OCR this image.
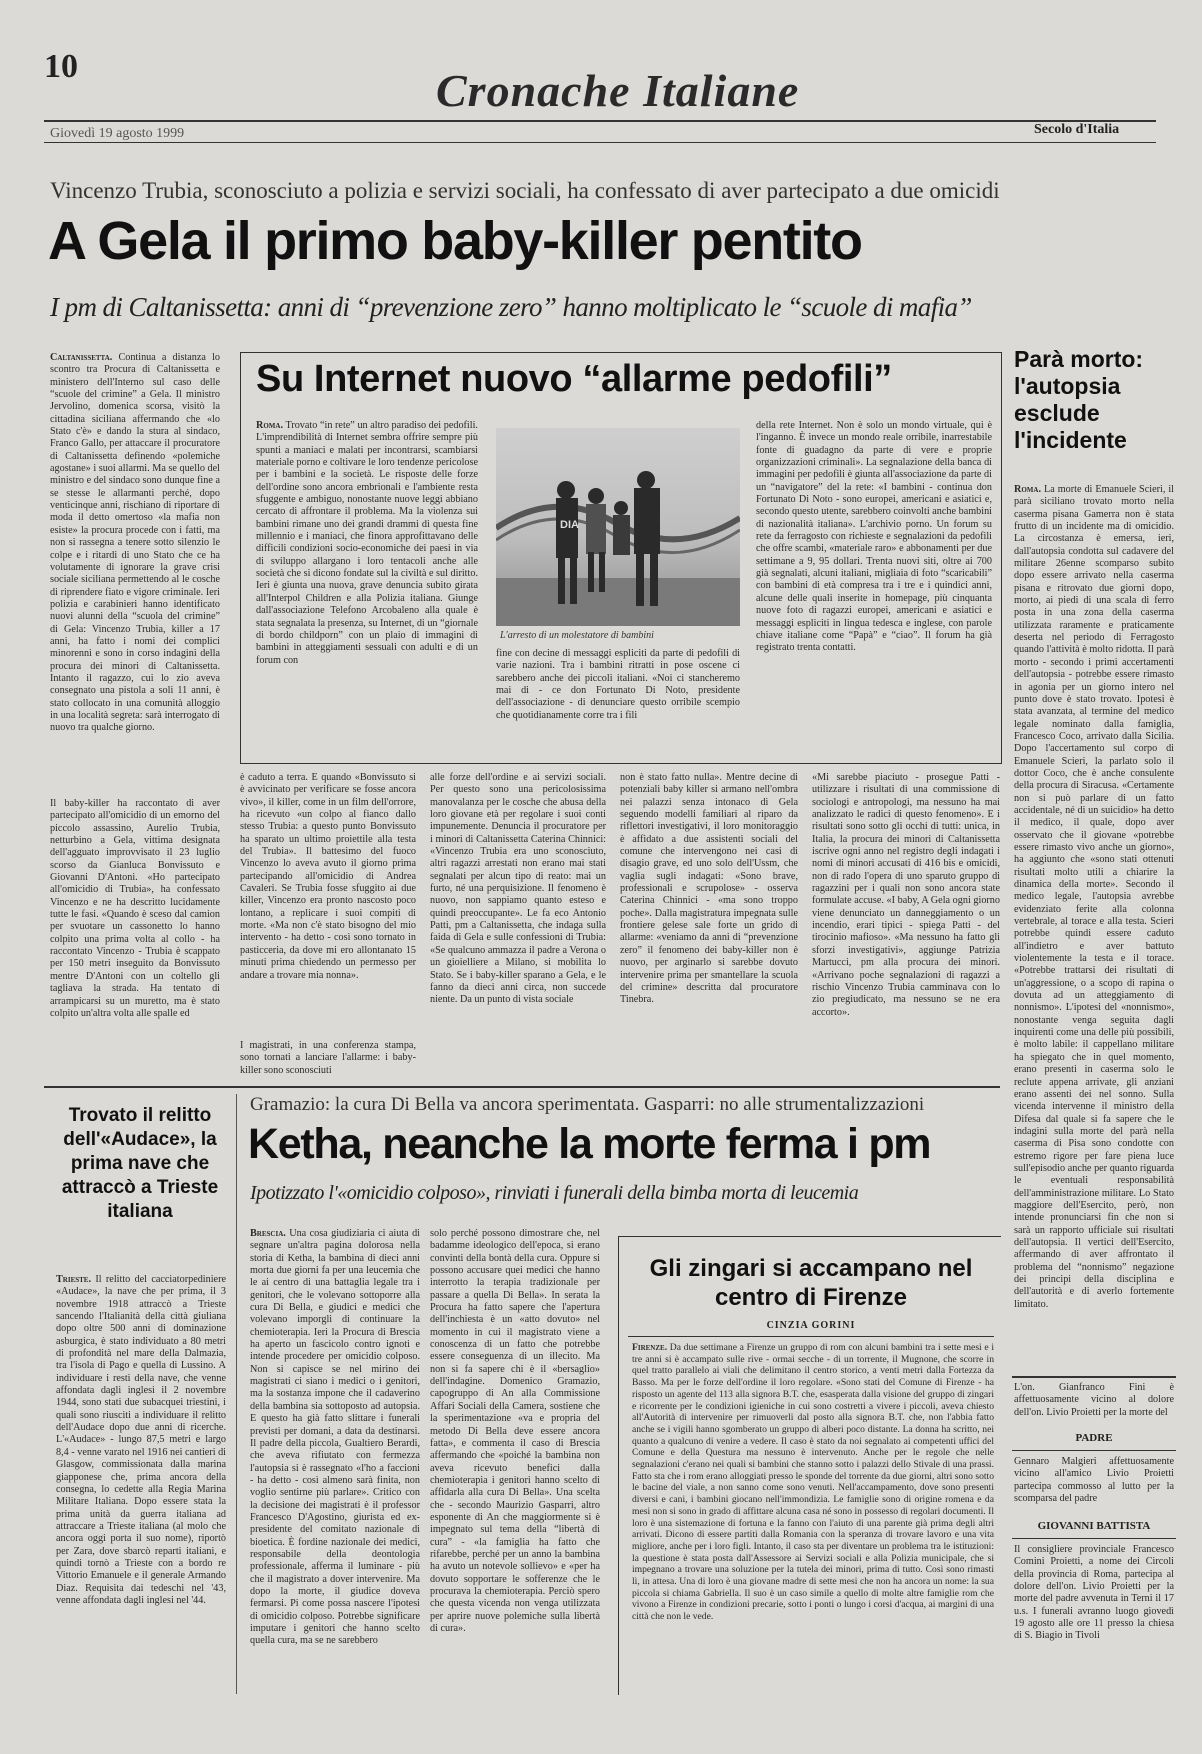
10	Cronache Italiane
Giovedì 19 agosto 1999	Secolo d'Italia
Vincenzo Trubia, sconosciuto a polizia e servizi sociali, ha confessato di aver partecipato a due omicidi
A Gela il primo baby-killer pentito
I pm di Caltanissetta: anni di “prevenzione zero” hanno moltiplicato le “scuole di mafia”
Caltanissetta. Continua a distanza lo scontro tra Procura di Caltanissetta e ministero dell'Interno sul caso delle “scuole del crimine” a Gela. Il ministro Jervolino, domenica scorsa, visitò la cittadina siciliana affermando che «lo Stato c'è» e dando la stura al sindaco, Franco Gallo, per attaccare il procuratore di Caltanissetta definendo «polemiche agostane» i suoi allarmi. Ma se quello del ministro e del sindaco sono dunque fine a se stesse le allarmanti perché, dopo venticinque anni, rischiano di riportare di moda il detto omertoso «la mafia non esiste» la procura procede con i fatti, ma non si rassegna a tenere sotto silenzio le colpe e i ritardi di uno Stato che ce ha volutamente di ignorare la grave crisi sociale siciliana permettendo al le cosche di riprendere fiato e vigore criminale. Ieri polizia e carabinieri hanno identificato nuovi alunni della “scuola del crimine” di Gela: Vincenzo Trubia, killer a 17 anni, ha fatto i nomi dei complici minorenni e sono in corso indagini della procura dei minori di Caltanissetta. Intanto il ragazzo, cui lo zio aveva consegnato una pistola a soli 11 anni, è stato collocato in una comunità alloggio in una località segreta: sarà interrogato di nuovo tra qualche giorno.
Il baby-killer ha raccontato di aver partecipato all'omicidio di un emorno del piccolo assassino, Aurelio Trubia, netturbino a Gela, vittima designata dell'agguato improvvisato il 23 luglio scorso da Gianluca Bonvissuto e Giovanni D'Antoni. «Ho partecipato all'omicidio di Trubia», ha confessato Vincenzo e ne ha descritto lucidamente tutte le fasi. «Quando è sceso dal camion per svuotare un cassonetto lo hanno colpito una prima volta al collo - ha raccontato Vincenzo - Trubia è scappato per 150 metri inseguito da Bonvissuto mentre D'Antoni con un coltello gli tagliava la strada. Ha tentato di arrampicarsi su un muretto, ma è stato colpito un'altra volta alle spalle ed
Su Internet nuovo “allarme pedofili”
Roma. Trovato “in rete” un altro paradiso dei pedofili. L'imprendibilità di Internet sembra offrire sempre più spunti a maniaci e malati per incontrarsi, scambiarsi materiale porno e coltivare le loro tendenze pericolose per i bambini e la società. Le risposte delle forze dell'ordine sono ancora embrionali e l'ambiente resta sfuggente e ambiguo, nonostante nuove leggi abbiano cercato di affrontare il problema. Ma la violenza sui bambini rimane uno dei grandi drammi di questa fine millennio e i maniaci, che finora approfittavano delle difficili condizioni socio-economiche dei paesi in via di sviluppo allargano i loro tentacoli anche alle società che si dicono fondate sul la civiltà e sul diritto. Ieri è giunta una nuova, grave denuncia subito girata all'Interpol Children e alla Polizia italiana. Giunge dall'associazione Telefono Arcobaleno alla quale è stata segnalata la presenza, su Internet, di un “giornale di bordo childporn” con un plaio di immagini di bambini in atteggiamenti sessuali con adulti e di un forum con
DIA
L'arresto di un molestatore di bambini
fine con decine di messaggi espliciti da parte di pedofili di varie nazioni. Tra i bambini ritratti in pose oscene ci sarebbero anche dei piccoli italiani. «Noi ci stancheremo mai di - ce don Fortunato Di Noto, presidente dell'associazione - di denunciare questo orribile scempio che quotidianamente corre tra i fili
della rete Internet. Non è solo un mondo virtuale, qui è l'inganno. È invece un mondo reale orribile, inarrestabile fonte di guadagno da parte di vere e proprie organizzazioni criminali». La segnalazione della banca di immagini per pedofili è giunta all'associazione da parte di un “navigatore” del la rete: «I bambini - continua don Fortunato Di Noto - sono europei, americani e asiatici e, secondo questo utente, sarebbero coinvolti anche bambini di nazionalità italiana». L'archivio porno. Un forum su rete da ferragosto con richieste e segnalazioni da pedofili che offre scambi, «materiale raro» e abbonamenti per due settimane a 9, 95 dollari. Trenta nuovi siti, oltre ai 700 già segnalati, alcuni italiani, migliaia di foto “scaricabili” con bambini di età compresa tra i tre e i quindici anni, alcune delle quali inserite in homepage, più cinquanta nuove foto di ragazzi europei, americani e asiatici e messaggi espliciti in lingua tedesca e inglese, con parole chiave italiane come “Papà” e “ciao”. Il forum ha già registrato trenta contatti.
è caduto a terra. E quando «Bonvissuto si è avvicinato per verificare se fosse ancora vivo», il killer, come in un film dell'orrore, ha ricevuto «un colpo al fianco dallo stesso Trubia: a questo punto Bonvissuto ha sparato un ultimo proiettile alla testa del Trubia». Il battesimo del fuoco Vincenzo lo aveva avuto il giorno prima partecipando all'omicidio di Andrea Cavaleri. Se Trubia fosse sfuggito ai due killer, Vincenzo era pronto nascosto poco lontano, a replicare i suoi compiti di morte. «Ma non c'è stato bisogno del mio intervento - ha detto - così sono tornato in pasticceria, da dove mi ero allontanato 15 minuti prima chiedendo un permesso per andare a trovare mia nonna».
I magistrati, in una conferenza stampa, sono tornati a lanciare l'allarme: i baby-killer sono sconosciuti
alle forze dell'ordine e ai servizi sociali. Per questo sono una pericolosissima manovalanza per le cosche che abusa della loro giovane età per regolare i suoi conti impunemente. Denuncia il procuratore per i minori di Caltanissetta Caterina Chinnici: «Vincenzo Trubia era uno sconosciuto, altri ragazzi arrestati non erano mai stati segnalati per alcun tipo di reato: mai un furto, né una perquisizione. Il fenomeno è nuovo, non sappiamo quanto esteso e quindi preoccupante». Le fa eco Antonio Patti, pm a Caltanissetta, che indaga sulla faida di Gela e sulle confessioni di Trubia: «Se qualcuno ammazza il padre a Verona o un gioielliere a Milano, si mobilita lo Stato. Se i baby-killer sparano a Gela, e le fanno da dieci anni circa, non succede niente. Da un punto di vista sociale
non è stato fatto nulla». Mentre decine di potenziali baby killer si armano nell'ombra nei palazzi senza intonaco di Gela seguendo modelli familiari al riparo da riflettori investigativi, il loro monitoraggio è affidato a due assistenti sociali del comune che intervengono nei casi di disagio grave, ed uno solo dell'Ussm, che vaglia sugli indagati: «Sono brave, professionali e scrupolose» - osserva Caterina Chinnici - «ma sono troppo poche». Dalla magistratura impegnata sulle frontiere gelese sale forte un grido di allarme: «veniamo da anni di “prevenzione zero” il fenomeno dei baby-killer non è nuovo, per arginarlo si sarebbe dovuto intervenire prima per smantellare la scuola del crimine» descritta dal procuratore Tinebra.
«Mi sarebbe piaciuto - prosegue Patti - utilizzare i risultati di una commissione di sociologi e antropologi, ma nessuno ha mai analizzato le radici di questo fenomeno». E i risultati sono sotto gli occhi di tutti: unica, in Italia, la procura dei minori di Caltanissetta iscrive ogni anno nel registro degli indagati i nomi di minori accusati di 416 bis e omicidi, non di rado l'opera di uno sparuto gruppo di ragazzini per i quali non sono ancora state formulate accuse. «I baby, A Gela ogni giorno viene denunciato un danneggiamento o un incendio, erari tipici - spiega Patti - del tirocinio mafioso». «Ma nessuno ha fatto gli sforzi investigativi», aggiunge Patrizia Martucci, pm alla procura dei minori. «Arrivano poche segnalazioni di ragazzi a rischio Vincenzo Trubia camminava con lo zio pregiudicato, ma nessuno se ne era accorto».
Parà morto: l'autopsia esclude l'incidente
Roma. La morte di Emanuele Scieri, il parà siciliano trovato morto nella caserma pisana Gamerra non è stata frutto di un incidente ma di omicidio. La circostanza è emersa, ieri, dall'autopsia condotta sul cadavere del militare 26enne scomparso subito dopo essere arrivato nella caserma pisana e ritrovato due giorni dopo, morto, ai piedi di una scala di ferro posta in una zona della caserma utilizzata raramente e praticamente deserta nel periodo di Ferragosto quando l'attività è molto ridotta. Il parà morto - secondo i primi accertamenti dell'autopsia - potrebbe essere rimasto in agonia per un giorno intero nel punto dove è stato trovato. Ipotesi è stata avanzata, al termine del medico legale nominato dalla famiglia, Francesco Coco, arrivato dalla Sicilia. Dopo l'accertamento sul corpo di Emanuele Scieri, la parlato solo il dottor Coco, che è anche consulente della procura di Siracusa. «Certamente non si può parlare di un fatto accidentale, né di un suicidio» ha detto il medico, il quale, dopo aver osservato che il giovane «potrebbe essere rimasto vivo anche un giorno», ha aggiunto che «sono stati ottenuti risultati molto utili a chiarire la dinamica della morte». Secondo il medico legale, l'autopsia avrebbe evidenziato ferite alla colonna vertebrale, al torace e alla testa. Scieri potrebbe quindi essere caduto all'indietro e aver battuto violentemente la testa e il torace. «Potrebbe trattarsi dei risultati di un'aggressione, o a scopo di rapina o dovuta ad un atteggiamento di nonnismo». L'ipotesi del «nonnismo», nonostante venga seguita dagli inquirenti come una delle più possibili, è molto labile: il cappellano militare ha spiegato che in quel momento, erano presenti in caserma solo le reclute appena arrivate, gli anziani erano assenti dei nel sonno. Sulla vicenda intervenne il ministro della Difesa dal quale si fa sapere che le indagini sulla morte del parà nella caserma di Pisa sono condotte con estremo rigore per fare piena luce sull'episodio anche per quanto riguarda le eventuali responsabilità dell'amministrazione militare. Lo Stato maggiore dell'Esercito, però, non intende pronunciarsi fin che non si sarà un rapporto ufficiale sui risultati dell'autopsia. Il vertici dell'Esercito, affermando di aver affrontato il problema del “nonnismo” negazione dei principi della disciplina e dell'autorità e di averlo fortemente limitato.
L'on. Gianfranco Fini è affettuosamente vicino al dolore dell'on. Livio Proietti per la morte del
PADRE
Gennaro Malgieri affettuosamente vicino all'amico Livio Proietti partecipa commosso al lutto per la scomparsa del padre
GIOVANNI BATTISTA
Il consigliere provinciale Francesco Comini Proietti, a nome dei Circoli della provincia di Roma, partecipa al dolore dell'on. Livio Proietti per la morte del padre avvenuta in Terni il 17 u.s. I funerali avranno luogo giovedì 19 agosto alle ore 11 presso la chiesa di S. Biagio in Tivoli
Trovato il relitto dell'«Audace», la prima nave che attraccò a Trieste italiana
Trieste. Il relitto del cacciatorpediniere «Audace», la nave che per prima, il 3 novembre 1918 attraccò a Trieste sancendo l'Italianità della città giuliana dopo oltre 500 anni di dominazione asburgica, è stato individuato a 80 metri di profondità nel mare della Dalmazia, tra l'isola di Pago e quella di Lussino. A individuare i resti della nave, che venne affondata dagli inglesi il 2 novembre 1944, sono stati due subacquei triestini, i quali sono riusciti a individuare il relitto dell'Audace dopo due anni di ricerche. L'«Audace» - lungo 87,5 metri e largo 8,4 - venne varato nel 1916 nei cantieri di Glasgow, commissionata dalla marina giapponese che, prima ancora della consegna, lo cedette alla Regia Marina Militare Italiana. Dopo essere stata la prima unità da guerra italiana ad attraccare a Trieste italiana (al molo che ancora oggi porta il suo nome), riportò per Zara, dove sbarcò reparti italiani, e quindi tornò a Trieste con a bordo re Vittorio Emanuele e il generale Armando Diaz. Requisita dai tedeschi nel '43, venne affondata dagli inglesi nel '44.
Gramazio: la cura Di Bella va ancora sperimentata. Gasparri: no alle strumentalizzazioni
Ketha, neanche la morte ferma i pm
Ipotizzato l'«omicidio colposo», rinviati i funerali della bimba morta di leucemia
Brescia. Una cosa giudiziaria ci aiuta di segnare un'altra pagina dolorosa nella storia di Ketha, la bambina di dieci anni morta due giorni fa per una leucemia che le ai centro di una battaglia legale tra i genitori, che le volevano sottoporre alla cura Di Bella, e giudici e medici che volevano imporgli di continuare la chemioterapia. Ieri la Procura di Brescia ha aperto un fascicolo contro ignoti e intende procedere per omicidio colposo. Non si capisce se nel mirino dei magistrati ci siano i medici o i genitori, ma la sostanza impone che il cadaverino della bambina sia sottoposto ad autopsia. E questo ha già fatto slittare i funerali previsti per domani, a data da destinarsi. Il padre della piccola, Gualtiero Berardi, che aveva rifiutato con fermezza l'autopsia si è rassegnato «l'ho a faccioni - ha detto - così almeno sarà finita, non voglio sentirne più parlare». Critico con la decisione dei magistrati è il professor Francesco D'Agostino, giurista ed ex-presidente del comitato nazionale di bioetica. È fordine nazionale dei medici, responsabile della deontologia professionale, afferma il luminare - più che il magistrato a dover intervenire. Ma dopo la morte, il giudice doveva fermarsi. Pi come possa nascere l'ipotesi di omicidio colposo. Potrebbe significare imputare i genitori che hanno scelto quella cura, ma se ne sarebbero
solo perché possono dimostrare che, nel badamme ideologico dell'epoca, si erano convinti della bontà della cura. Oppure si possono accusare quei medici che hanno interrotto la terapia tradizionale per passare a quella Di Bella». In serata la Procura ha fatto sapere che l'apertura dell'inchiesta è un «atto dovuto» nel momento in cui il magistrato viene a conoscenza di un fatto che potrebbe essere conseguenza di un illecito. Ma non si fa sapere chi è il «bersaglio» dell'indagine. Domenico Gramazio, capogruppo di An alla Commissione Affari Sociali della Camera, sostiene che la sperimentazione «va e propria del metodo Di Bella deve essere ancora fatta», e commenta il caso di Brescia affermando che «poiché la bambina non aveva ricevuto benefici dalla chemioterapia i genitori hanno scelto di affidarla alla cura Di Bella». Una scelta che - secondo Maurizio Gasparri, altro esponente di An che maggiormente si è impegnato sul tema della “libertà di cura” - «la famiglia ha fatto che rifarebbe, perché per un anno la bambina ha avuto un notevole sollievo» e «per ha dovuto sopportare le sofferenze che le procurava la chemioterapia. Perciò spero che questa vicenda non venga utilizzata per aprire nuove polemiche sulla libertà di cura».
Gli zingari si accampano nel centro di Firenze
CINZIA GORINI
Firenze. Da due settimane a Firenze un gruppo di rom con alcuni bambini tra i sette mesi e i tre anni si è accampato sulle rive - ormai secche - di un torrente, il Mugnone, che scorre in quel tratto parallelo ai viali che delimitano il centro storico, a venti metri dalla Fortezza da Basso. Ma per le forze dell'ordine il loro regolare. «Sono stati del Comune di Firenze - ha risposto un agente del 113 alla signora B.T. che, esasperata dalla visione del gruppo di zingari e ricorrente per le condizioni igieniche in cui sono costretti a vivere i piccoli, aveva chiesto all'Autorità di intervenire per rimuoverli dal posto alla signora B.T. che, non l'abbia fatto anche se i vigili hanno sgomberato un gruppo di alberi poco distante. La donna ha scritto, nei quanto a qualcuno di venire a vedere. Il caso è stato da noi segnalato ai competenti uffici del Comune e della Questura ma nessuno è intervenuto. Anche per le regole che nelle segnalazioni c'erano nei quali si bambini che stanno sotto i palazzi dello Stivale di una prassi. Fatto sta che i rom erano alloggiati presso le sponde del torrente da due giorni, altri sono sotto le bacine del viale, a non sanno come sono venuti. Nell'accampamento, dove sono presenti diversi e cani, i bambini giocano nell'immondizia. Le famiglie sono di origine romena e da mesi non si sono in grado di affittare alcuna casa né sono in possesso di regolari documenti. Il loro è una sistemazione di fortuna e la fanno con l'aiuto di una parente già prima degli altri arrivati. Dicono di essere partiti dalla Romania con la speranza di trovare lavoro e una vita migliore, anche per i loro figli. Intanto, il caso sta per diventare un problema tra le istituzioni: la questione è stata posta dall'Assessore ai Servizi sociali e alla Polizia municipale, che si impegnano a trovare una soluzione per la tutela dei minori, prima di tutto. Così sono rimasti lì, in attesa. Una di loro è una giovane madre di sette mesi che non ha ancora un nome: la sua piccola si chiama Gabriella. Il suo è un caso simile a quello di molte altre famiglie rom che vivono a Firenze in condizioni precarie, sotto i ponti o lungo i corsi d'acqua, ai margini di una città che non le vede.
